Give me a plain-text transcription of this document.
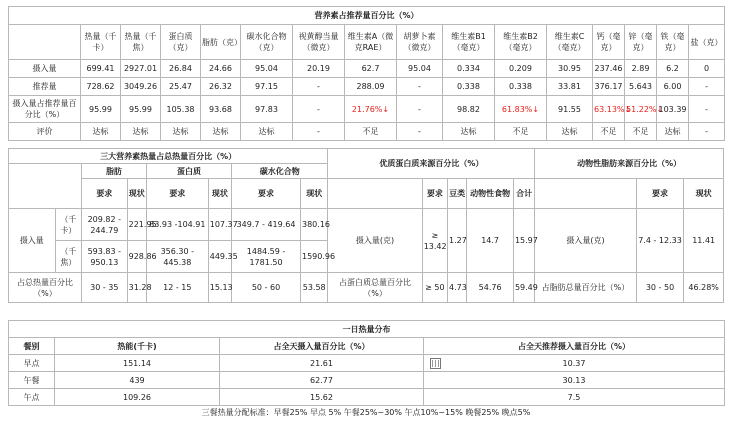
营养素占推荐量百分比（%）															
	热量（千卡）	热量（千焦）	蛋白质（克）	脂肪（克）	碳水化合物（克）	视黄醇当量（微克）	维生素A（微克RAE）	胡萝卜素（微克）	维生素B1（毫克）	维生素B2（毫克）	维生素C（毫克）	钙（毫克）	锌（毫克）	铁（毫克）	盐（克）
摄入量	699.41	2927.01	26.84	24.66	95.04	20.19	62.7	95.04	0.334	0.209	30.95	237.46	2.89	6.2	0
推荐量	728.62	3049.26	25.47	26.32	97.15	-	288.09	-	0.338	0.338	33.81	376.17	5.643	6.00	-
摄入量占推荐量百分比（%）	95.99	95.99	105.38	93.68	97.83	-	21.76%↓	-	98.82	61.83%↓	91.55	63.13%↓	51.22%↓	103.39	-
评价	达标	达标	达标	达标	达标	-	不足	-	达标	不足	达标	不足	不足	达标	-
三大营养素热量占总热量百分比（%）								优质蛋白质来源百分比（%）					动物性脂肪来源百分比（%）		
		脂肪		蛋白质		碳水化合物									
		要求	现状	要求	现状	要求	现状		要求	豆类	动物性食物	合计		要求	现状
摄入量	（千卡）	209.82 - 244.79	221.95	83.93 -104.91	107.37	349.7 - 419.64	380.16	摄入量(克)	≥ 13.42	1.27	14.7	15.97	摄入量(克)	7.4 - 12.33	11.41
	（千焦）	593.83 - 950.13	928.86	356.30 - 445.38	449.35	1484.59 - 1781.50	1590.96								
占总热量百分比（%）		30 - 35	31.28	12 - 15	15.13	50 - 60	53.58	占蛋白质总量百分比（%）	≥ 50	4.73	54.76	59.49	占脂肪总量百分比（%）	30 - 50	46.28%
一日热量分布			
餐别	热能(千卡)	占全天摄入量百分比（%）	占全天推荐摄入量百分比（%）
早点	151.14	21.61	10.37
午餐	439	62.77	30.13
午点	109.26	15.62	7.5
三餐热量分配标准：早餐25% 早点 5% 午餐25%~30% 午点10%~15% 晚餐25% 晚点5%
